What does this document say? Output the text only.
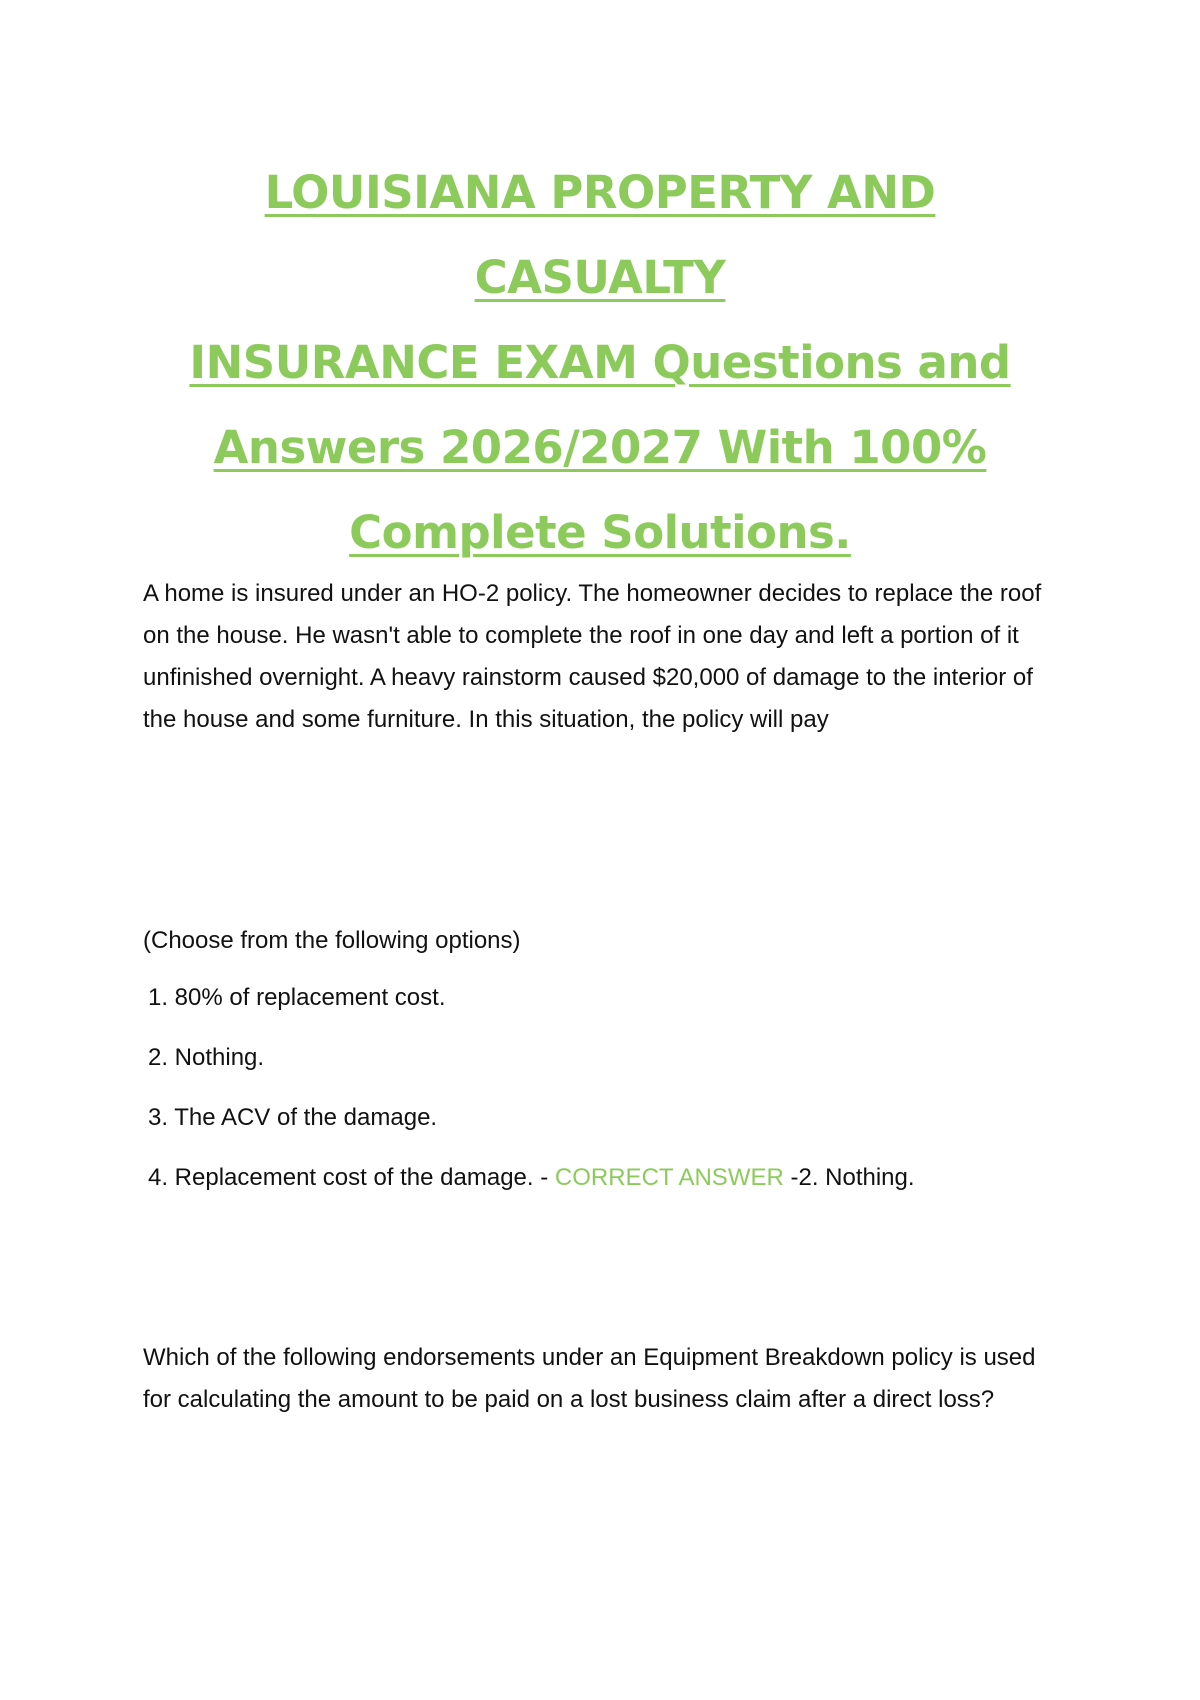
LOUISIANA PROPERTY AND CASUALTY
INSURANCE EXAM Questions and
Answers 2026/2027 With 100%
Complete Solutions.

A home is insured under an HO-2 policy. The homeowner decides to replace the roof on the house. He wasn't able to complete the roof in one day and left a portion of it unfinished overnight. A heavy rainstorm caused $20,000 of damage to the interior of the house and some furniture. In this situation, the policy will pay

(Choose from the following options)

1. 80% of replacement cost.
2. Nothing.
3. The ACV of the damage.
4. Replacement cost of the damage. - CORRECT ANSWER -2. Nothing.

Which of the following endorsements under an Equipment Breakdown policy is used for calculating the amount to be paid on a lost business claim after a direct loss?
